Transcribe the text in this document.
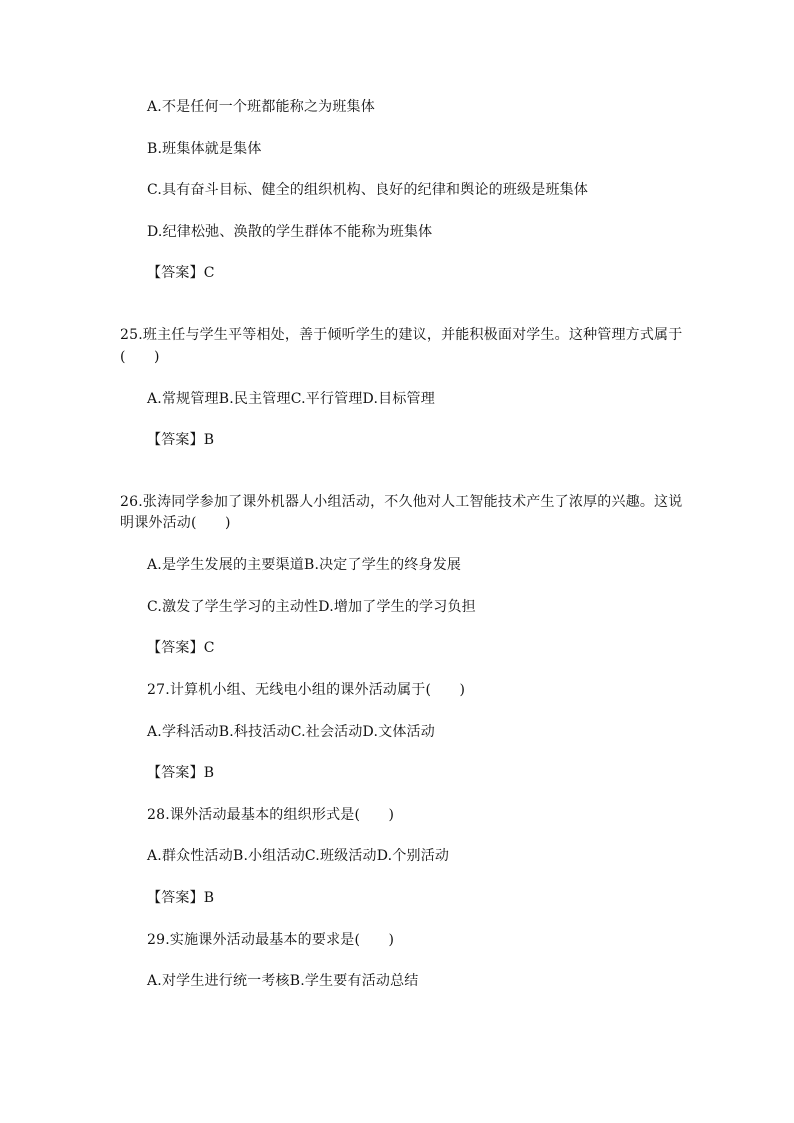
A.不是任何一个班都能称之为班集体
B.班集体就是集体
C.具有奋斗目标、健全的组织机构、良好的纪律和舆论的班级是班集体
D.纪律松弛、涣散的学生群体不能称为班集体
【答案】C
25.班主任与学生平等相处，善于倾听学生的建议，并能积极面对学生。这种管理方式属于
(　　)
A.常规管理B.民主管理C.平行管理D.目标管理
【答案】B
26.张涛同学参加了课外机器人小组活动，不久他对人工智能技术产生了浓厚的兴趣。这说
明课外活动(　　)
A.是学生发展的主要渠道B.决定了学生的终身发展
C.激发了学生学习的主动性D.增加了学生的学习负担
【答案】C
27.计算机小组、无线电小组的课外活动属于(　　)
A.学科活动B.科技活动C.社会活动D.文体活动
【答案】B
28.课外活动最基本的组织形式是(　　)
A.群众性活动B.小组活动C.班级活动D.个别活动
【答案】B
29.实施课外活动最基本的要求是(　　)
A.对学生进行统一考核B.学生要有活动总结
